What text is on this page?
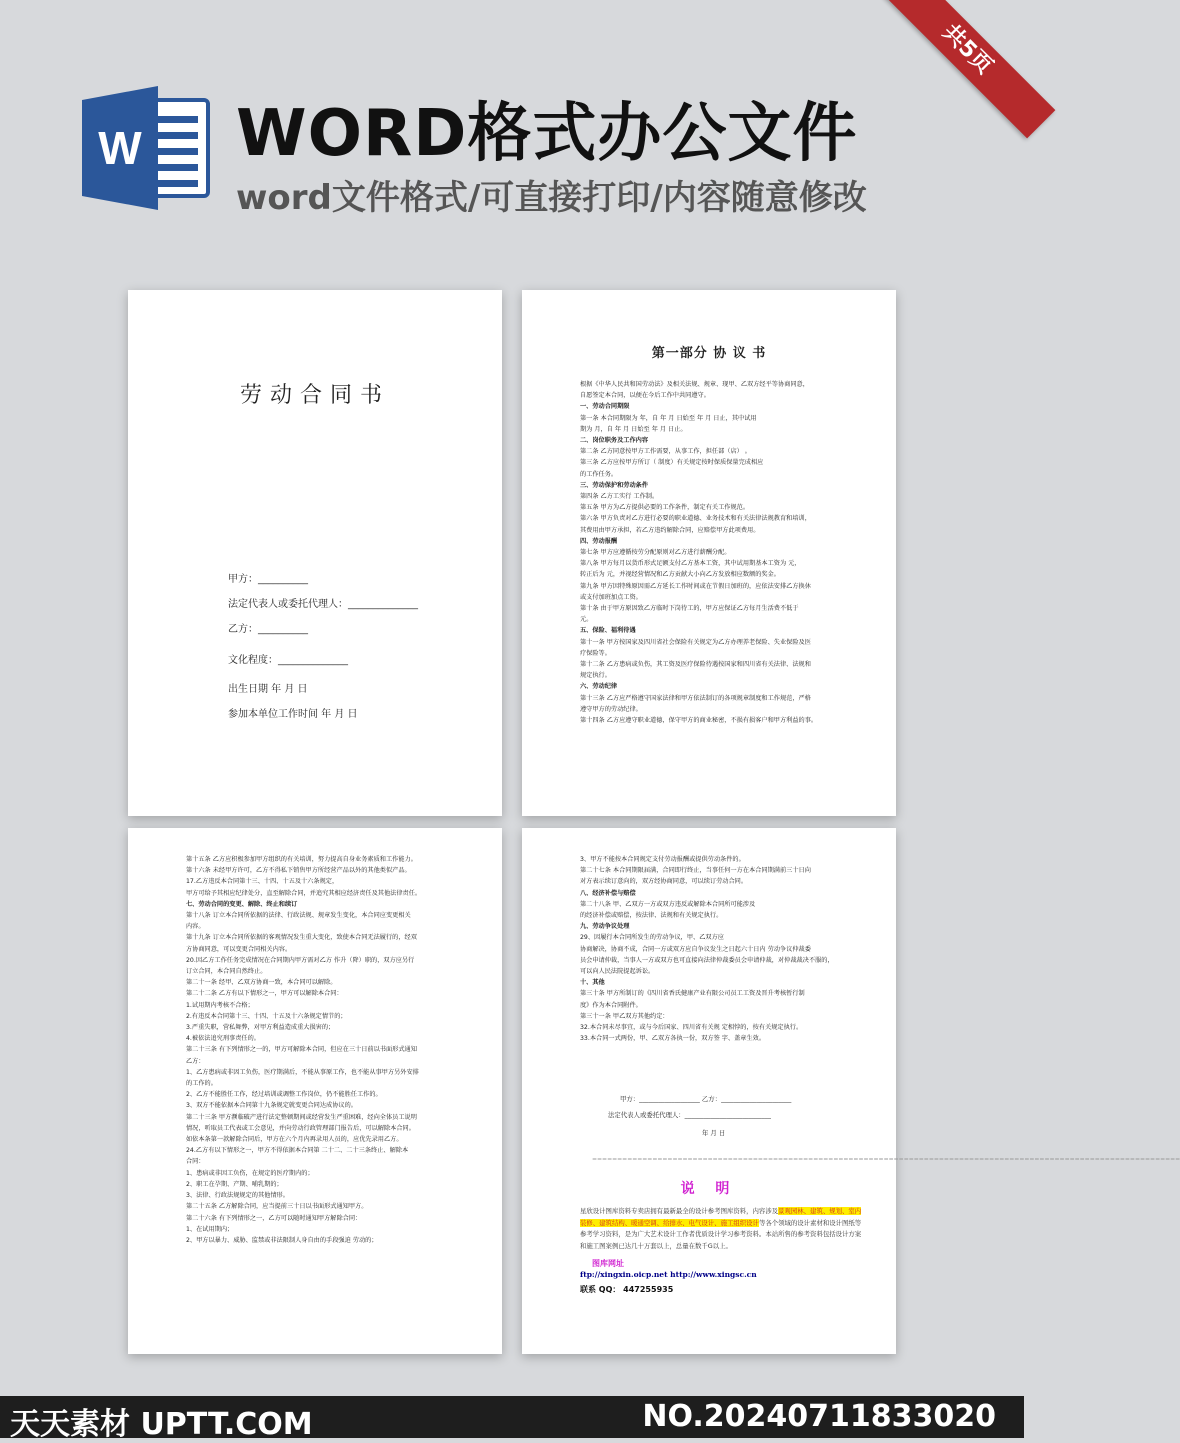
共5页
W WORD格式办公文件
word文件格式/可直接打印/内容随意修改
劳动合同书
甲方：__________
法定代表人或委托代理人：______________
乙方：__________
文化程度：______________
出生日期 年 月 日
参加本单位工作时间 年 月 日
第一部分 协 议 书

根据《中华人民共和国劳动法》及相关法规、规章、现甲、乙双方经平等协商同意，

自愿签定本合同，以便在今后工作中共同遵守。

一、劳动合同期限

第一条 本合同期限为 年，自 年 月 日始至 年 月 日止，其中试用

期为 月，自 年 月 日始至 年 月 日止。

二、岗位职务及工作内容

第二条 乙方同意按甲方工作需要，从事工作，担任部（店） 。

第三条 乙方应按甲方所订（ 制度）有关规定按时保质保量完成相应

的工作任务。

三、劳动保护和劳动条件

第四条 乙方工实行 工作制。

第五条 甲方为乙方提供必要的工作条件，制定有关工作规范。

第六条 甲方负责对乙方进行必要的职业道德、业务技术和有关法律法规教育和培训，

其费用由甲方承担，若乙方违约解除合同，应赔偿甲方此项费用。

四、劳动报酬

第七条 甲方应遵循按劳分配原则对乙方进行薪酬分配。

第八条 甲方每月以货币形式足额支付乙方基本工资，其中试用期基本工资为 元，

转正后为 元，并视经营情况和乙方贡献大小向乙方发放相应数额的奖金。

第九条 甲方因特殊原因需乙方延长工作时间或在节假日加班的，应依法安排乙方换休

或支付加班加点工资。

第十条 由于甲方原因致乙方临时下岗待工的，甲方应保证乙方每月生活费不低于

元。

五、保险、福利待遇

第十一条 甲方按国家及四川省社会保险有关规定为乙方办理养老保险、失业保险及医

疗保险等。

第十二条 乙方患病或负伤，其工资及医疗保险待遇按国家和四川省有关法律、法规和

规定执行。

六、劳动纪律

第十三条 乙方应严格遵守国家法律和甲方依法制订的各项规章制度和工作规范，严格

遵守甲方的劳动纪律。

第十四条 乙方应遵守职业道德，保守甲方的商业秘密，不损有损客户和甲方利益的事。

第十五条 乙方应积极参加甲方组织的有关培训，努力提高自身业务素质和工作能力。

第十六条 未经甲方许可，乙方不得私下销售甲方所经营产品以外的其他类似产品。

17.乙方违反本合同第十三、十四、十五及十六条规定，

甲方可给予其相应纪律处分，直至解除合同，并追究其相应经济责任及其他法律责任。

七、劳动合同的变更、解除、终止和续订

第十八条 订立本合同所依据的法律、行政法规、规章发生变化，本合同应变更相关

内容。

第十九条 订立本合同所依据的客观情况发生重大变化，致使本合同无法履行的，经双

方协商同意，可以变更合同相关内容。

20.因乙方工作任务完成情况在合同期内甲方需对乙方 作升（降）职的，双方应另行

订立合同，本合同自然终止。

第二十一条 经甲、乙双方协商一致，本合同可以解除。

第二十二条 乙方有以下情形之一，甲方可以解除本合同：

1.试用期内考核不合格；

2.有违反本合同第十三、十四、十五及十六条规定情节的；

3.严重失职，营私舞弊，对甲方利益造成重大损害的；

4.被依法追究刑事责任的。

第二十三条 有下列情形之一的，甲方可解除本合同，但应在三十日前以书面形式通知

乙方：

1、乙方患病或非因工负伤，医疗期满后，不能从事原工作，也不能从事甲方另外安排

的工作的。

2、乙方不能胜任工作，经过培训或调整工作岗位，仍不能胜任工作的。

3、双方不能依据本合同第十九条规定就变更合同达成协议的。

第二十三条 甲方濒临破产进行法定整顿期间或经营发生严重困难，经向全体员工说明

情况，听取员工代表或工会意见，并向劳动行政管理部门报告后，可以解除本合同。

如依本条第一款解除合同后，甲方在六个月内再录用人员的，应优先录用乙方。

24.乙方有以下情形之一，甲方不得依据本合同第 二十二、二十三条终止、解除本

合同：

1、患病或非因工负伤，在规定的医疗期内的；

2、职工在孕期、产期、哺乳期的；

3、法律、行政法规规定的其他情形。

第二十五条 乙方解除合同，应当提前三十日以书面形式通知甲方。

第二十六条 有下列情形之一，乙方可以随时通知甲方解除合同：

1、在试用期内；

2、甲方以暴力、威胁、监禁或非法限制人身自由的手段强迫 劳动的；

3、甲方不能按本合同规定支付劳动报酬或提供劳动条件的。

第二十七条 本合同期限届满，合同即行终止，当事任何一方在本合同期满前三十日向

对方表示续订意向的，双方经协商同意，可以续订劳动合同。

八、经济补偿与赔偿

第二十八条 甲、乙双方一方或双方违反或解除本合同所可能涉及

的经济补偿或赔偿，按法律、法规和有关规定执行。

九、劳动争议处理

29、因履行本合同所发生的劳动争议，甲、乙双方应

协商解决，协商不成，合同一方或双方应自争议发生之日起六十日内 劳动争议仲裁委

员会申请仲裁，当事人一方或双方也可直接向法律仲裁委员会申请仲裁，对仲裁裁决不服的，

可以向人民法院提起诉讼。

十、其他

第三十条 甲方所制订的《四川省香氏健康产业有限公司员工工资及晋升考核暂行制

度》作为本合同附件。

第三十一条 甲乙双方其他约定：

32.本合同未尽事宜，或与今后国家、四川省有关规 定相悖的，按有关规定执行。

33.本合同一式两份，甲、乙双方各执一份，双方签 字、盖章生效。

甲方：___________________ 乙方：______________________
法定代表人或委托代理人：___________________________
年 月 日
=====================================================================================================================
说 明
星欣设计图库资料专卖店拥有最新最全的设计参考图库资料，内容涉及景观园林、建筑、规划、室内装修、建筑结构、暖通空调、给排水、电气设计、施工组织设计等各个领域的设计素材和设计图纸等参考学习资料，是为广大艺术设计工作者优质设计学习参考资料。本站所售的参考资料包括设计方案和施工图案例已达几十万套以上，总量在数千G以上。
图库网址
ftp://xingxin.oicp.net http://www.xingsc.cn
联系 QQ： 447255935
天天素材 UPTT.COM	NO.20240711833020
